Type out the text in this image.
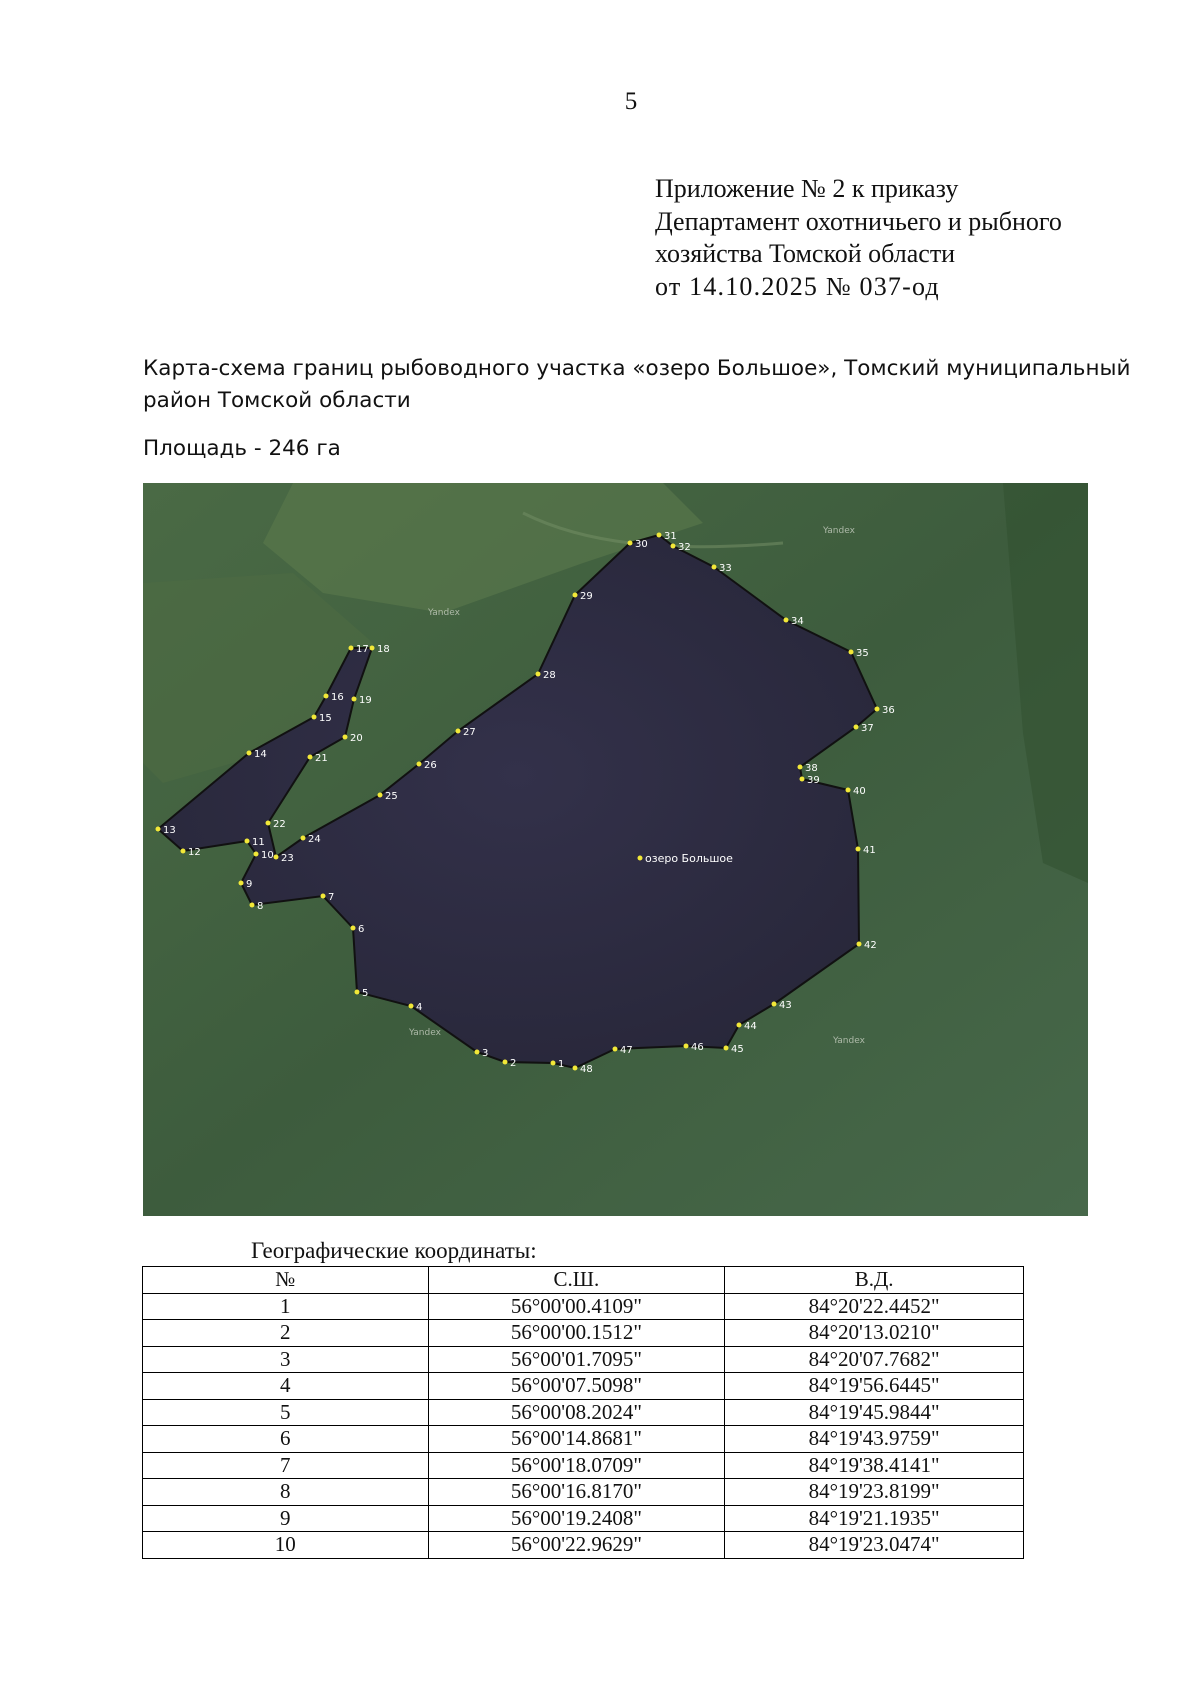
5
Приложение № 2 к приказу
Департамент охотничьего и рыбного
хозяйства Томской области
от 14.10.2025 № 037-од
Карта-схема границ рыбоводного участка «озеро Большое», Томский муниципальный район Томской области
Площадь - 246 га
Yandex
Yandex
Yandex
Yandex
озеро Большое
1
2
3
4
5
6
7
8
9
10
11
12
13
14
15
16
17 18
19
20
21
22
23
24
25
26
27
28
29
30
31
32
33
34
35
36
37
38
39
40
41
42
43
44
45
46
47
48
Географические координаты:
№	С.Ш.	В.Д.
1	56°00'00.4109"	84°20'22.4452"
2	56°00'00.1512"	84°20'13.0210"
3	56°00'01.7095"	84°20'07.7682"
4	56°00'07.5098"	84°19'56.6445"
5	56°00'08.2024"	84°19'45.9844"
6	56°00'14.8681"	84°19'43.9759"
7	56°00'18.0709"	84°19'38.4141"
8	56°00'16.8170"	84°19'23.8199"
9	56°00'19.2408"	84°19'21.1935"
10	56°00'22.9629"	84°19'23.0474"
